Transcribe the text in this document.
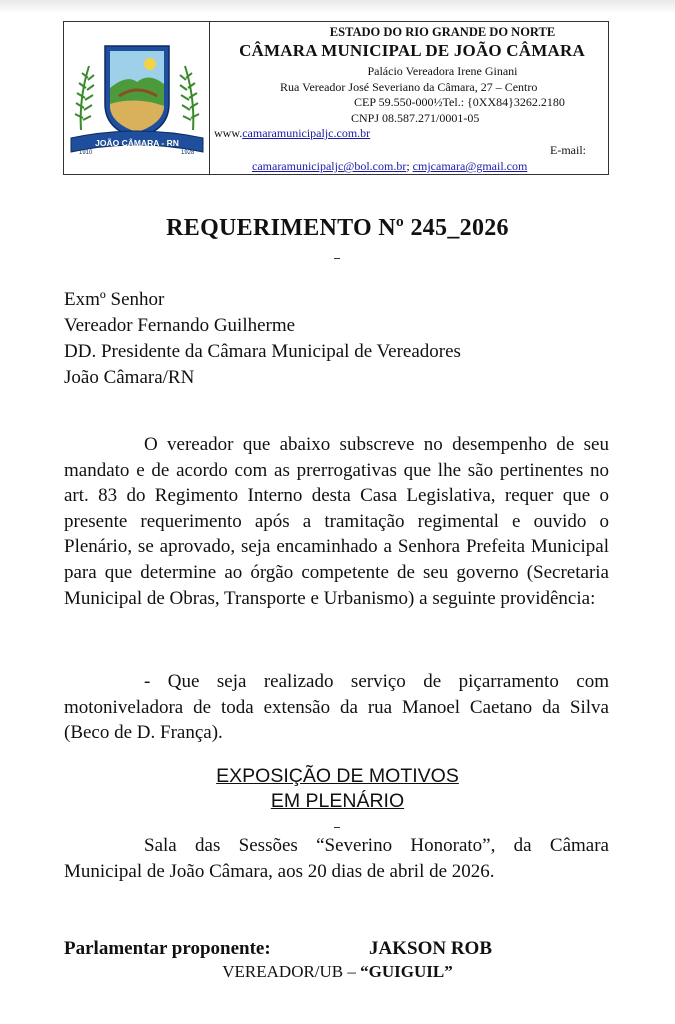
JOÃO CÂMARA - RN
1910	1928
ESTADO DO RIO GRANDE DO NORTE
CÂMARA MUNICIPAL DE JOÃO CÂMARA
Palácio Vereadora Irene Ginani
Rua Vereador José Severiano da Câmara, 27 – Centro
CEP 59.550-000½Tel.: {0XX84}3262.2180
CNPJ 08.587.271/0001-05
www.camaramunicipaljc.com.br
E-mail:
camaramunicipaljc@bol.com.br; cmjcamara@gmail.com
REQUERIMENTO Nº 245_2026
Exmº Senhor
Vereador Fernando Guilherme
DD. Presidente da Câmara Municipal de Vereadores
João Câmara/RN

O vereador que abaixo subscreve no desempenho de seu mandato e de acordo com as prerrogativas que lhe são pertinentes no art. 83 do Regimento Interno desta Casa Legislativa, requer que o presente requerimento após a tramitação regimental e ouvido o Plenário, se aprovado, seja encaminhado a Senhora Prefeita Municipal para que determine ao órgão competente de seu governo (Secretaria Municipal de Obras, Transporte e Urbanismo) a seguinte providência:

- Que seja realizado serviço de piçarramento com motoniveladora de toda extensão da rua Manoel Caetano da Silva (Beco de D. França).

EXPOSIÇÃO DE MOTIVOS
EM PLENÁRIO

Sala das Sessões “Severino Honorato”, da Câmara Municipal de João Câmara, aos 20 dias de abril de 2026.

Parlamentar proponente:	JAKSON ROB
VEREADOR/UB – “GUIGUIL”
